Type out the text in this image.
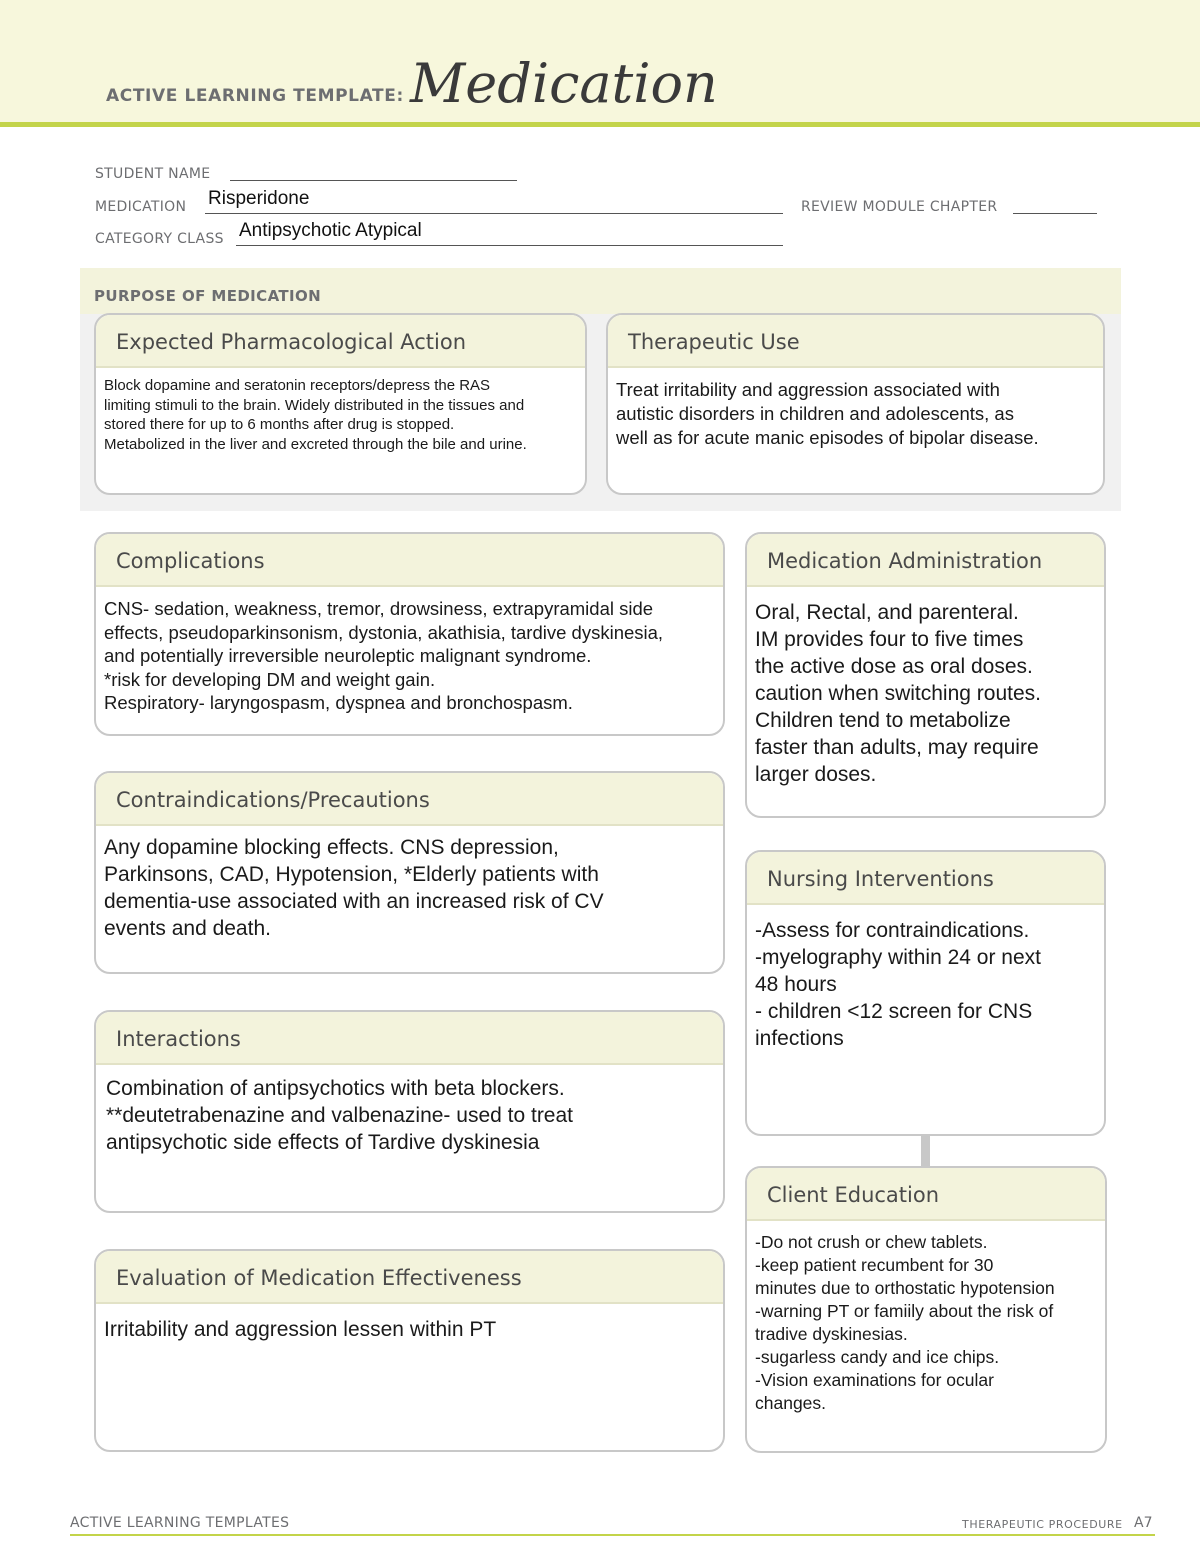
ACTIVE LEARNING TEMPLATE: Medication
STUDENT NAME
MEDICATION Risperidone	REVIEW MODULE CHAPTER
CATEGORY CLASS Antipsychotic Atypical
PURPOSE OF MEDICATION
Expected Pharmacological Action
Block dopamine and seratonin receptors/depress the RAS
limiting stimuli to the brain. Widely distributed in the tissues and
stored there for up to 6 months after drug is stopped.
Metabolized in the liver and excreted through the bile and urine.
Therapeutic Use
Treat irritability and aggression associated with
autistic disorders in children and adolescents, as
well as for acute manic episodes of bipolar disease.
Complications
CNS- sedation, weakness, tremor, drowsiness, extrapyramidal side
effects, pseudoparkinsonism, dystonia, akathisia, tardive dyskinesia,
and potentially irreversible neuroleptic malignant syndrome.
*risk for developing DM and weight gain.
Respiratory- laryngospasm, dyspnea and bronchospasm.
Contraindications/Precautions
Any dopamine blocking effects. CNS depression,
Parkinsons, CAD, Hypotension, *Elderly patients with
dementia-use associated with an increased risk of CV
events and death.
Interactions
Combination of antipsychotics with beta blockers.
**deutetrabenazine and valbenazine- used to treat
antipsychotic side effects of Tardive dyskinesia
Evaluation of Medication Effectiveness
Irritability and aggression lessen within PT
Medication Administration
Oral, Rectal, and parenteral.
IM provides four to five times
the active dose as oral doses.
caution when switching routes.
Children tend to metabolize
faster than adults, may require
larger doses.
Nursing Interventions
-Assess for contraindications.
-myelography within 24 or next
48 hours
- children <12 screen for CNS
infections
Client Education
-Do not crush or chew tablets.
-keep patient recumbent for 30
minutes due to orthostatic hypotension
-warning PT or famiily about the risk of
tradive dyskinesias.
-sugarless candy and ice chips.
-Vision examinations for ocular
changes.
ACTIVE LEARNING TEMPLATES	THERAPEUTIC PROCEDURE A7
